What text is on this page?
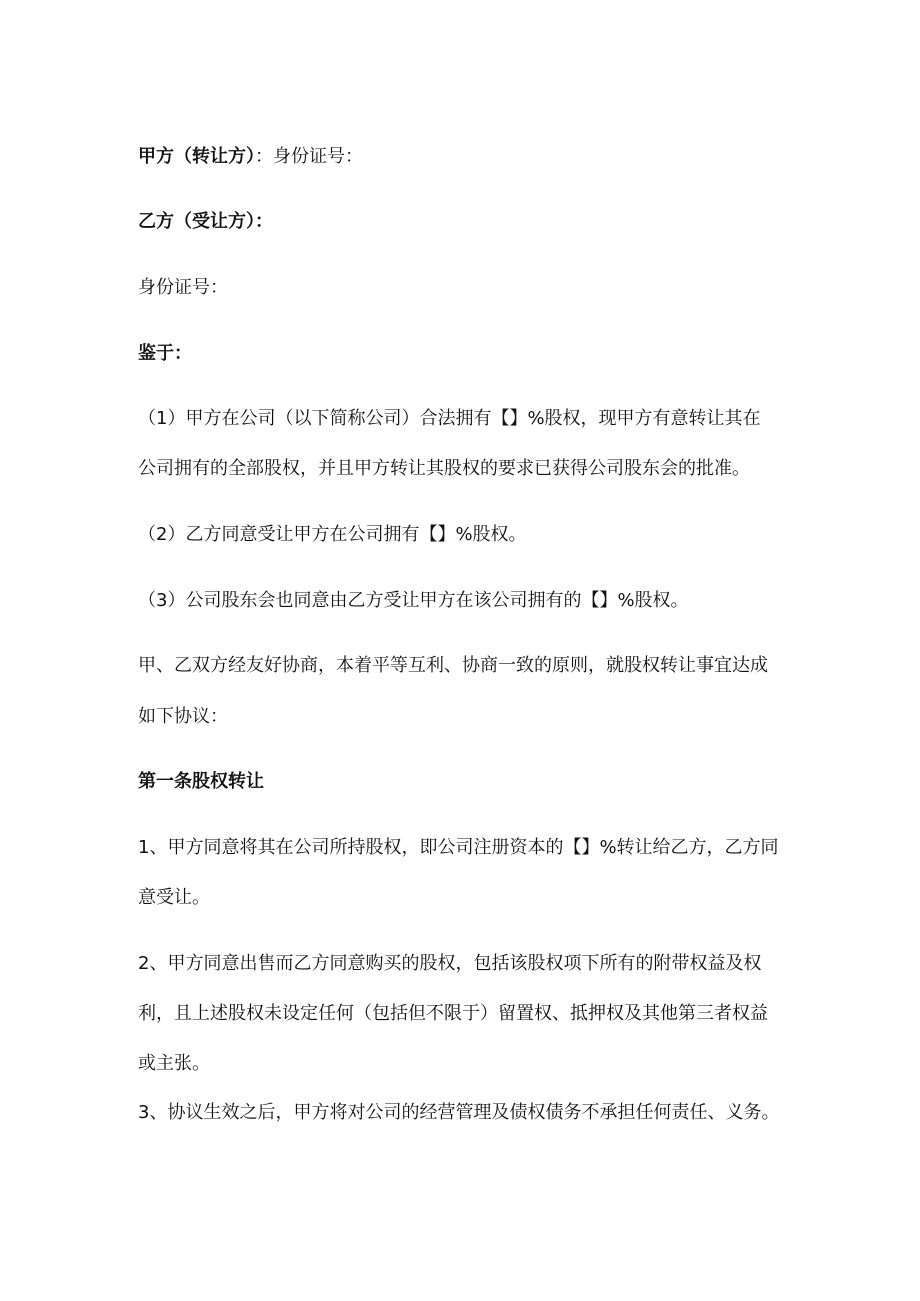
甲方（转让方）：身份证号：
乙方（受让方）：
身份证号：
鉴于：
（1）甲方在公司（以下简称公司）合法拥有【】%股权，现甲方有意转让其在
公司拥有的全部股权，并且甲方转让其股权的要求已获得公司股东会的批准。
（2）乙方同意受让甲方在公司拥有【】%股权。
（3）公司股东会也同意由乙方受让甲方在该公司拥有的【】%股权。
甲、乙双方经友好协商，本着平等互利、协商一致的原则，就股权转让事宜达成
如下协议：
第一条股权转让
1、甲方同意将其在公司所持股权，即公司注册资本的【】%转让给乙方，乙方同
意受让。
2、甲方同意出售而乙方同意购买的股权，包括该股权项下所有的附带权益及权
利，且上述股权未设定任何（包括但不限于）留置权、抵押权及其他第三者权益
或主张。
3、协议生效之后，甲方将对公司的经营管理及债权债务不承担任何责任、义务。
